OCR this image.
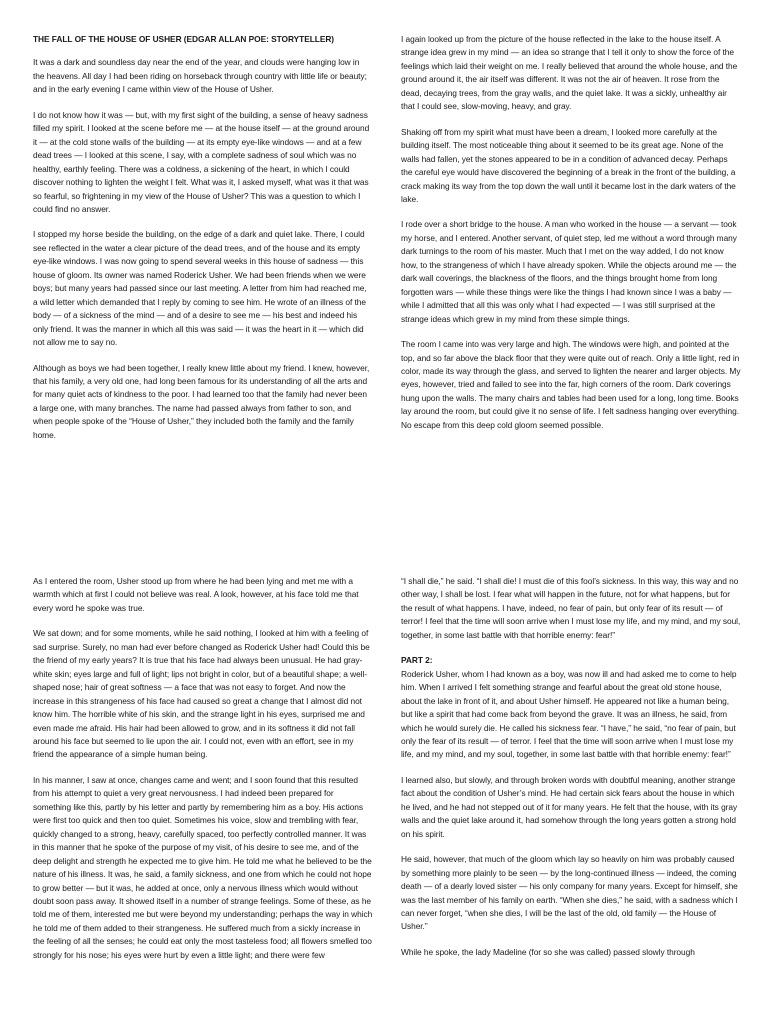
THE FALL OF THE HOUSE OF USHER (EDGAR ALLAN POE: STORYTELLER)

It was a dark and soundless day near the end of the year, and clouds were hanging low in the heavens. All day I had been riding on horseback through country with little life or beauty; and in the early evening I came within view of the House of Usher.

I do not know how it was — but, with my first sight of the building, a sense of heavy sadness filled my spirit. I looked at the scene before me — at the house itself — at the ground around it — at the cold stone walls of the building — at its empty eye-like windows — and at a few dead trees — I looked at this scene, I say, with a complete sadness of soul which was no healthy, earthly feeling. There was a coldness, a sickening of the heart, in which I could discover nothing to lighten the weight I felt. What was it, I asked myself, what was it that was so fearful, so frightening in my view of the House of Usher? This was a question to which I could find no answer.

I stopped my horse beside the building, on the edge of a dark and quiet lake. There, I could see reflected in the water a clear picture of the dead trees, and of the house and its empty eye-like windows. I was now going to spend several weeks in this house of sadness — this house of gloom. Its owner was named Roderick Usher. We had been friends when we were boys; but many years had passed since our last meeting. A letter from him had reached me, a wild letter which demanded that I reply by coming to see him. He wrote of an illness of the body — of a sickness of the mind — and of a desire to see me — his best and indeed his only friend. It was the manner in which all this was said — it was the heart in it — which did not allow me to say no.

Although as boys we had been together, I really knew little about my friend. I knew, however, that his family, a very old one, had long been famous for its understanding of all the arts and for many quiet acts of kindness to the poor. I had learned too that the family had never been a large one, with many branches. The name had passed always from father to son, and when people spoke of the “House of Usher,” they included both the family and the family home.

I again looked up from the picture of the house reflected in the lake to the house itself. A strange idea grew in my mind — an idea so strange that I tell it only to show the force of the feelings which laid their weight on me. I really believed that around the whole house, and the ground around it, the air itself was different. It was not the air of heaven. It rose from the dead, decaying trees, from the gray walls, and the quiet lake. It was a sickly, unhealthy air that I could see, slow-moving, heavy, and gray.

Shaking off from my spirit what must have been a dream, I looked more carefully at the building itself. The most noticeable thing about it seemed to be its great age. None of the walls had fallen, yet the stones appeared to be in a condition of advanced decay. Perhaps the careful eye would have discovered the beginning of a break in the front of the building, a crack making its way from the top down the wall until it became lost in the dark waters of the lake.

I rode over a short bridge to the house. A man who worked in the house — a servant — took my horse, and I entered. Another servant, of quiet step, led me without a word through many dark turnings to the room of his master. Much that I met on the way added, I do not know how, to the strangeness of which I have already spoken. While the objects around me — the dark wall coverings, the blackness of the floors, and the things brought home from long forgotten wars — while these things were like the things I had known since I was a baby — while I admitted that all this was only what I had expected — I was still surprised at the strange ideas which grew in my mind from these simple things.

The room I came into was very large and high. The windows were high, and pointed at the top, and so far above the black floor that they were quite out of reach. Only a little light, red in color, made its way through the glass, and served to lighten the nearer and larger objects. My eyes, however, tried and failed to see into the far, high corners of the room. Dark coverings hung upon the walls. The many chairs and tables had been used for a long, long time. Books lay around the room, but could give it no sense of life. I felt sadness hanging over everything. No escape from this deep cold gloom seemed possible.

As I entered the room, Usher stood up from where he had been lying and met me with a warmth which at first I could not believe was real. A look, however, at his face told me that every word he spoke was true.

We sat down; and for some moments, while he said nothing, I looked at him with a feeling of sad surprise. Surely, no man had ever before changed as Roderick Usher had! Could this be the friend of my early years? It is true that his face had always been unusual. He had gray-white skin; eyes large and full of light; lips not bright in color, but of a beautiful shape; a well-shaped nose; hair of great softness — a face that was not easy to forget. And now the increase in this strangeness of his face had caused so great a change that I almost did not know him. The horrible white of his skin, and the strange light in his eyes, surprised me and even made me afraid. His hair had been allowed to grow, and in its softness it did not fall around his face but seemed to lie upon the air. I could not, even with an effort, see in my friend the appearance of a simple human being.

In his manner, I saw at once, changes came and went; and I soon found that this resulted from his attempt to quiet a very great nervousness. I had indeed been prepared for something like this, partly by his letter and partly by remembering him as a boy. His actions were first too quick and then too quiet. Sometimes his voice, slow and trembling with fear, quickly changed to a strong, heavy, carefully spaced, too perfectly controlled manner. It was in this manner that he spoke of the purpose of my visit, of his desire to see me, and of the deep delight and strength he expected me to give him. He told me what he believed to be the nature of his illness. It was, he said, a family sickness, and one from which he could not hope to grow better — but it was, he added at once, only a nervous illness which would without doubt soon pass away. It showed itself in a number of strange feelings. Some of these, as he told me of them, interested me but were beyond my understanding; perhaps the way in which he told me of them added to their strangeness. He suffered much from a sickly increase in the feeling of all the senses; he could eat only the most tasteless food; all flowers smelled too strongly for his nose; his eyes were hurt by even a little light; and there were few

“I shall die,” he said. “I shall die! I must die of this fool’s sickness. In this way, this way and no other way, I shall be lost. I fear what will happen in the future, not for what happens, but for the result of what happens. I have, indeed, no fear of pain, but only fear of its result — of terror! I feel that the time will soon arrive when I must lose my life, and my mind, and my soul, together, in some last battle with that horrible enemy: fear!”

PART 2:

Roderick Usher, whom I had known as a boy, was now ill and had asked me to come to help him. When I arrived I felt something strange and fearful about the great old stone house, about the lake in front of it, and about Usher himself. He appeared not like a human being, but like a spirit that had come back from beyond the grave. It was an illness, he said, from which he would surely die. He called his sickness fear. “I have,” he said, “no fear of pain, but only the fear of its result — of terror. I feel that the time will soon arrive when I must lose my life, and my mind, and my soul, together, in some last battle with that horrible enemy: fear!”

I learned also, but slowly, and through broken words with doubtful meaning, another strange fact about the condition of Usher’s mind. He had certain sick fears about the house in which he lived, and he had not stepped out of it for many years. He felt that the house, with its gray walls and the quiet lake around it, had somehow through the long years gotten a strong hold on his spirit.

He said, however, that much of the gloom which lay so heavily on him was probably caused by something more plainly to be seen — by the long-continued illness — indeed, the coming death — of a dearly loved sister — his only company for many years. Except for himself, she was the last member of his family on earth. “When she dies,” he said, with a sadness which I can never forget, “when she dies, I will be the last of the old, old family — the House of Usher.”

While he spoke, the lady Madeline (for so she was called) passed slowly through
